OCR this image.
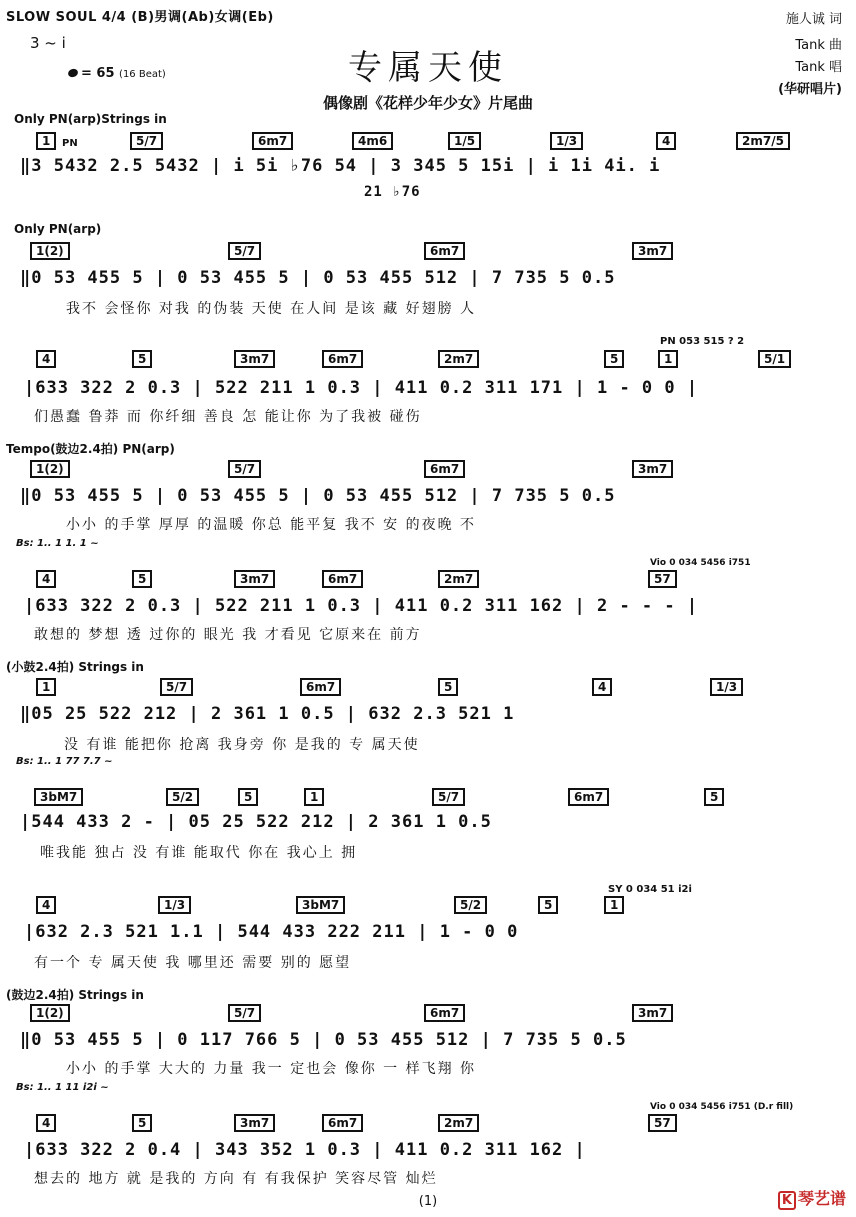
SLOW SOUL 4/4 (B)男调(Ab)女调(Eb)
3 ~ i
= 65 (16 Beat)	专属天使
偶像剧《花样少年少女》片尾曲
施人诚 词
Tank 曲
Tank 唱
(华研唱片)
Only PN(arp)Strings in
PN
1	5/7	6m7	4m6	1/5	1/3	4	2m7/5
‖3 5432 2.5 5432 | i 5i ♭76 54 | 3 345 5 15i | i 1i 4i. i
21 ♭76
Only PN(arp)
1(2)	5/7	6m7	3m7
‖0 53 455 5 | 0 53 455 5 | 0 53 455 512 | 7 735 5 0.5
我不 会怪你 对我 的伪装 天使 在人间 是该 藏 好翅膀 人
4	5	3m7	6m7	2m7	5	1	5/1
PN 053 515 ? 2
|633 322 2 0.3 | 522 211 1 0.3 | 411 0.2 311 171 | 1 - 0 0 |
们愚蠢 鲁莽 而 你纤细 善良 怎 能让你 为了我被 碰伤
Tempo(鼓边2.4拍) PN(arp)
1(2)	5/7	6m7	3m7
‖0 53 455 5 | 0 53 455 5 | 0 53 455 512 | 7 735 5 0.5
小小 的手掌 厚厚 的温暖 你总 能平复 我不 安 的夜晚 不
Bs: 1.. 1 1. 1 ~
4	5	3m7	6m7	2m7	57
Vio 0 034 5456 i751
|633 322 2 0.3 | 522 211 1 0.3 | 411 0.2 311 162 | 2 - - - |
敢想的 梦想 透 过你的 眼光 我 才看见 它原来在 前方
(小鼓2.4拍) Strings in
1	5/7	6m7	5	4	1/3
‖05 25 522 212 | 2 361 1 0.5 | 632 2.3 521 1
没 有谁 能把你 抢离 我身旁 你 是我的 专 属天使
Bs: 1.. 1 77 7.7 ~
3bM7	5/2	5	1	5/7	6m7	5
|544 433 2 - | 05 25 522 212 | 2 361 1 0.5
唯我能 独占 没 有谁 能取代 你在 我心上 拥
4	1/3	3bM7	5/2	5	1
SY 0 034 51 i2i
|632 2.3 521 1.1 | 544 433 222 211 | 1 - 0 0
有一个 专 属天使 我 哪里还 需要 别的 愿望
(鼓边2.4拍) Strings in
1(2)	5/7	6m7	3m7
‖0 53 455 5 | 0 117 766 5 | 0 53 455 512 | 7 735 5 0.5
小小 的手掌 大大的 力量 我一 定也会 像你 一 样飞翔 你
Bs: 1.. 1 11 i2i ~
4	5	3m7	6m7	2m7	57
Vio 0 034 5456 i751 (D.r fill)
|633 322 2 0.4 | 343 352 1 0.3 | 411 0.2 311 162 |
想去的 地方 就 是我的 方向 有 有我保护 笑容尽管 灿烂
(1)	K 琴艺谱
